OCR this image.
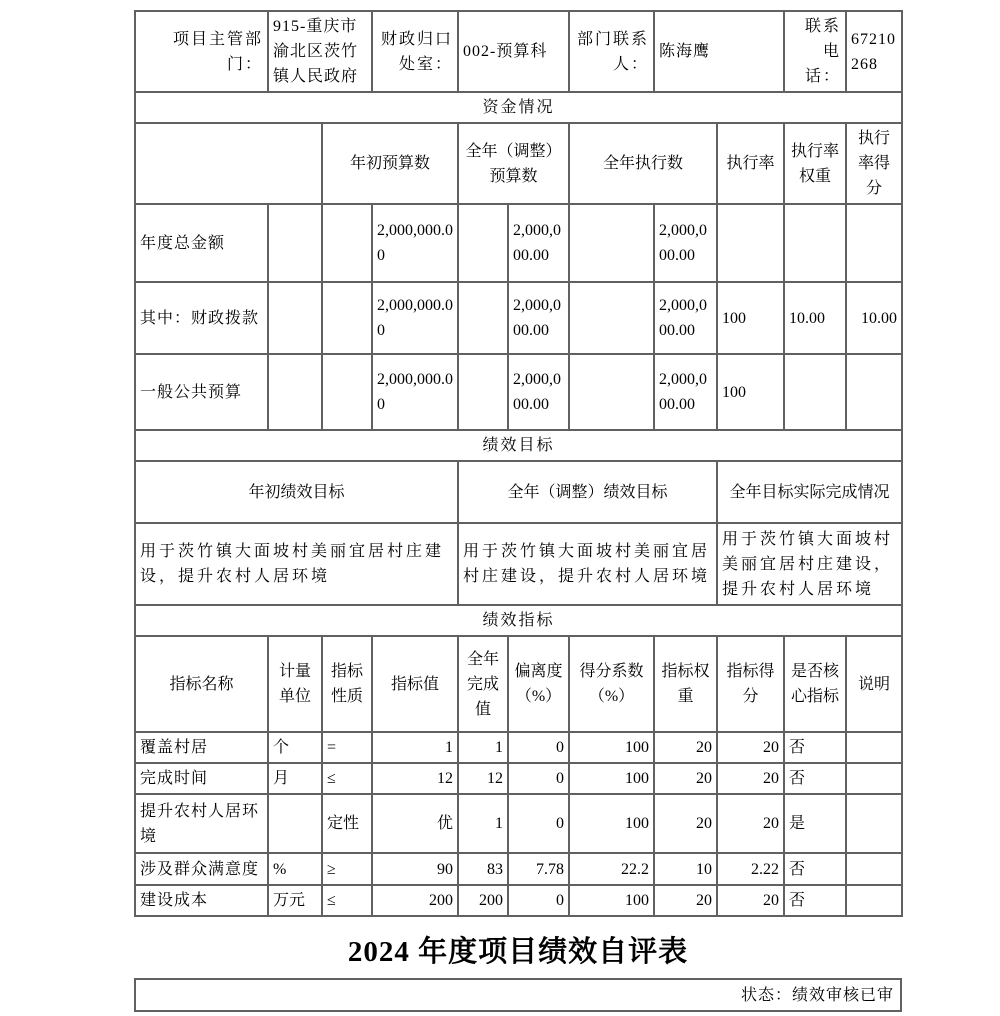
项目主管部门：	915-重庆市渝北区茨竹镇人民政府		财政归口处室：	002-预算科		部门联系人：	陈海鹰		联系电话：	67210268
资金情况										
		年初预算数		全年（调整）预算数		全年执行数		执行率	执行率权重	执行率得分
年度总金额			2,000,000.00		2,000,000.00		2,000,000.00			
其中：财政拨款			2,000,000.00		2,000,000.00		2,000,000.00	100	10.00	10.00
一般公共预算			2,000,000.00		2,000,000.00		2,000,000.00	100		
绩效目标										
年初绩效目标				全年（调整）绩效目标				全年目标实际完成情况		
用于茨竹镇大面坡村美丽宜居村庄建设，提升农村人居环境				用于茨竹镇大面坡村美丽宜居村庄建设，提升农村人居环境				用于茨竹镇大面坡村美丽宜居村庄建设，提升农村人居环境		
绩效指标										
指标名称	计量单位	指标性质	指标值	全年完成值	偏离度（%）	得分系数（%）	指标权重	指标得分	是否核心指标	说明
覆盖村居	个	=	1	1	0	100	20	20	否	
完成时间	月	≤	12	12	0	100	20	20	否	
提升农村人居环境		定性	优	1	0	100	20	20	是	
涉及群众满意度	%	≥	90	83	7.78	22.2	10	2.22	否	
建设成本	万元	≤	200	200	0	100	20	20	否	
2024 年度项目绩效自评表
状态：绩效审核已审
